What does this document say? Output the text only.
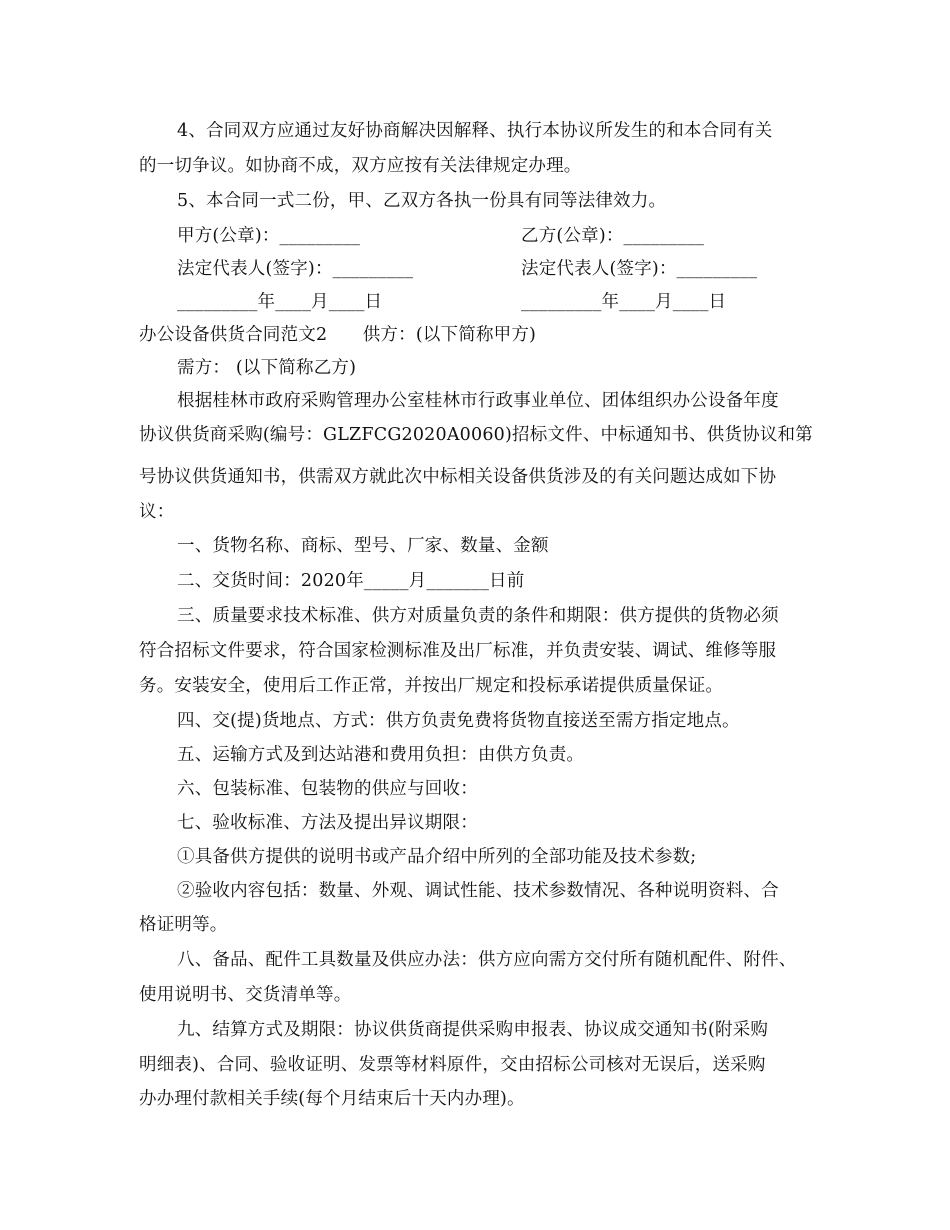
4、合同双方应通过友好协商解决因解释、执行本协议所发生的和本合同有关
的一切争议。如协商不成，双方应按有关法律规定办理。
5、本合同一式二份，甲、乙双方各执一份具有同等法律效力。
甲方(公章)：_________	乙方(公章)：_________
法定代表人(签字)：_________	法定代表人(签字)：_________
_________年____月____日	_________年____月____日
办公设备供货合同范文2　　供方：(以下简称甲方)
需方： (以下简称乙方)
根据桂林市政府采购管理办公室桂林市行政事业单位、团体组织办公设备年度
协议供货商采购(编号：GLZFCG2020A0060)招标文件、中标通知书、供货协议和第
号协议供货通知书，供需双方就此次中标相关设备供货涉及的有关问题达成如下协
议：
一、货物名称、商标、型号、厂家、数量、金额
二、交货时间：2020年_____月_______日前
三、质量要求技术标准、供方对质量负责的条件和期限：供方提供的货物必须
符合招标文件要求，符合国家检测标准及出厂标准，并负责安装、调试、维修等服
务。安装安全，使用后工作正常，并按出厂规定和投标承诺提供质量保证。
四、交(提)货地点、方式：供方负责免费将货物直接送至需方指定地点。
五、运输方式及到达站港和费用负担：由供方负责。
六、包装标准、包装物的供应与回收：
七、验收标准、方法及提出异议期限：
①具备供方提供的说明书或产品介绍中所列的全部功能及技术参数;
②验收内容包括：数量、外观、调试性能、技术参数情况、各种说明资料、合
格证明等。
八、备品、配件工具数量及供应办法：供方应向需方交付所有随机配件、附件、
使用说明书、交货清单等。
九、结算方式及期限：协议供货商提供采购申报表、协议成交通知书(附采购
明细表)、合同、验收证明、发票等材料原件，交由招标公司核对无误后，送采购
办办理付款相关手续(每个月结束后十天内办理)。
